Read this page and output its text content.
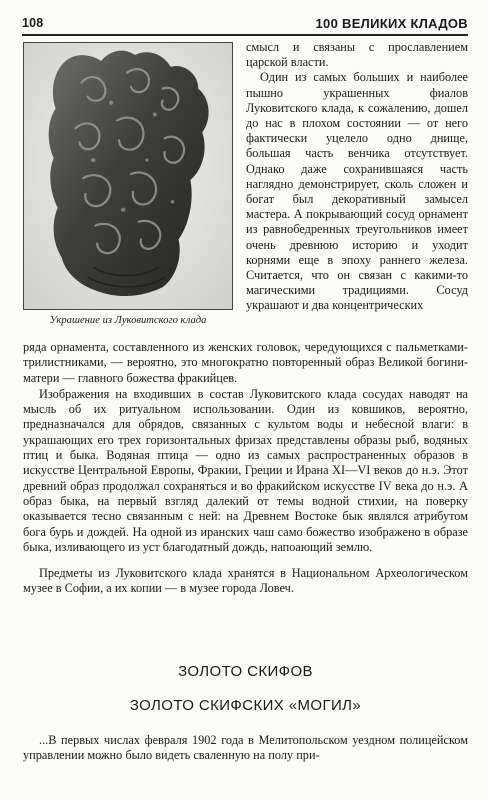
108	100 ВЕЛИКИХ КЛАДОВ
Украшение из Луковитского клада

смысл и связаны с прославлением царской власти.

Один из самых больших и наиболее пышно украшенных фиалов Луковитского клада, к сожалению, дошел до нас в плохом состоянии — от него фактически уцелело одно днище, большая часть венчика отсутствует. Однако даже сохранившаяся часть наглядно демонстрирует, сколь сложен и богат был декоративный замысел мастера. А покрывающий сосуд орнамент из равнобедренных треугольников имеет очень древнюю историю и уходит корнями еще в эпоху раннего железа. Считается, что он связан с какими-то магическими традициями. Сосуд украшают и два концентрических

ряда орнамента, составленного из женских головок, чередующихся с пальметками-трилистниками, — вероятно, это многократно повторенный образ Великой богини-матери — главного божества фракийцев.

Изображения на входивших в состав Луковитского клада сосудах наводят на мысль об их ритуальном использовании. Один из ковшиков, вероятно, предназначался для обрядов, связанных с культом воды и небесной влаги: в украшающих его трех горизонтальных фризах представлены образы рыб, водяных птиц и быка. Водяная птица — одно из самых распространенных образов в искусстве Центральной Европы, Фракии, Греции и Ирана XI—VI веков до н.э. Этот древний образ продолжал сохраняться и во фракийском искусстве IV века до н.э. А образ быка, на первый взгляд далекий от темы водной стихии, на поверку оказывается тесно связанным с ней: на Древнем Востоке бык являлся атрибутом бога бурь и дождей. На одной из иранских чаш само божество изображено в образе быка, изливающего из уст благодатный дождь, напоающий землю.

Предметы из Луковитского клада хранятся в Национальном Археологическом музее в Софии, а их копии — в музее города Ловеч.

ЗОЛОТО СКИФОВ
ЗОЛОТО СКИФСКИХ «МОГИЛ»

...В первых числах февраля 1902 года в Мелитопольском уездном полицейском управлении можно было видеть сваленную на полу при-
